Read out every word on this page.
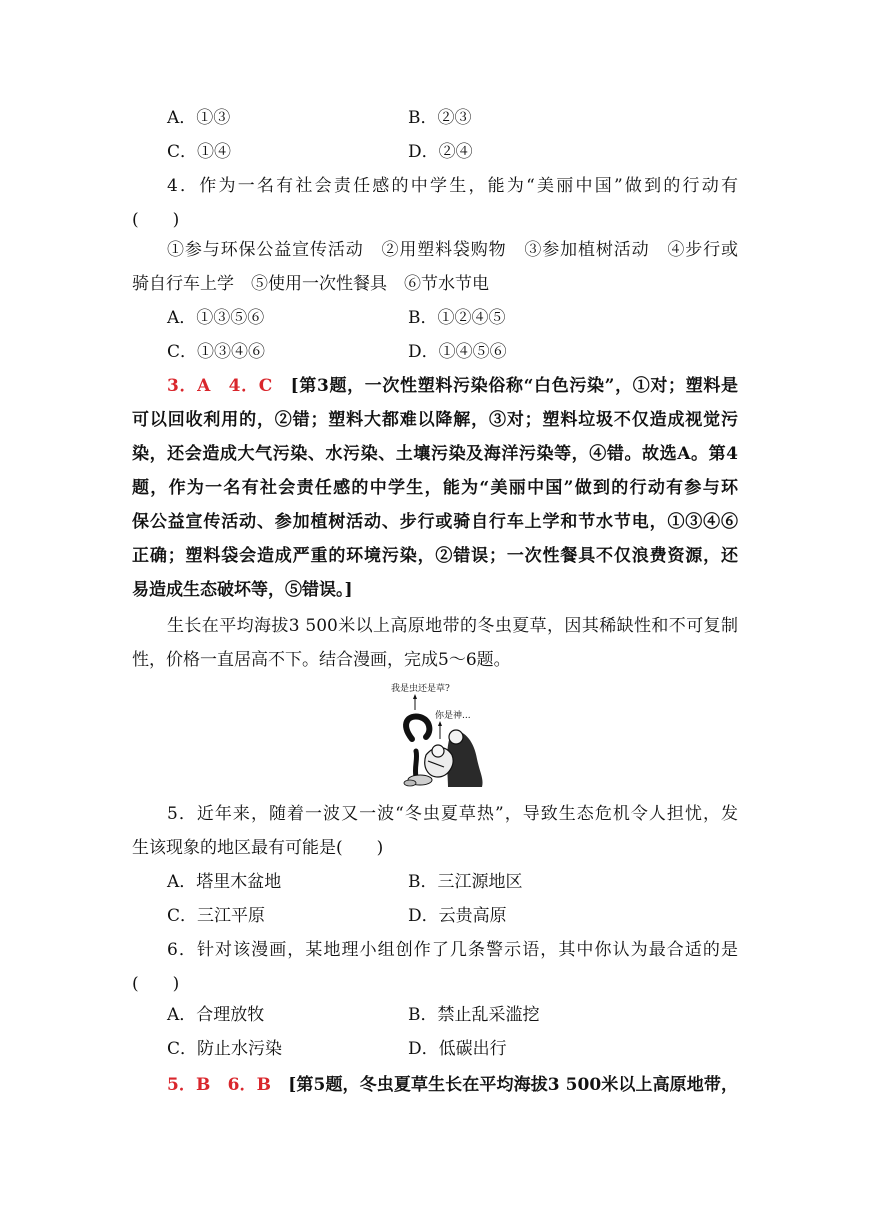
A．①③	B．②③
C．①④	D．②④
4．作为一名有社会责任感的中学生，能为“美丽中国”做到的行动有
(　　)
①参与环保公益宣传活动　②用塑料袋购物　③参加植树活动　④步行或
骑自行车上学　⑤使用一次性餐具　⑥节水节电
A．①③⑤⑥	B．①②④⑤
C．①③④⑥	D．①④⑤⑥
3．A　4．C　 [第3题，一次性塑料污染俗称“白色污染”，①对；塑料是
可以回收利用的，②错；塑料大都难以降解，③对；塑料垃圾不仅造成视觉污
染，还会造成大气污染、水污染、土壤污染及海洋污染等，④错。故选A。第4
题，作为一名有社会责任感的中学生，能为“美丽中国”做到的行动有参与环
保公益宣传活动、参加植树活动、步行或骑自行车上学和节水节电，①③④⑥
正确；塑料袋会造成严重的环境污染，②错误；一次性餐具不仅浪费资源，还
易造成生态破坏等，⑤错误。]
生长在平均海拔3 500米以上高原地带的冬虫夏草，因其稀缺性和不可复制
性，价格一直居高不下。结合漫画，完成5～6题。
我是虫还是草?
你是神...
5．近年来，随着一波又一波“冬虫夏草热”，导致生态危机令人担忧，发
生该现象的地区最有可能是(　　)
A．塔里木盆地	B．三江源地区
C．三江平原	D．云贵高原
6．针对该漫画，某地理小组创作了几条警示语，其中你认为最合适的是
(　　)
A．合理放牧	B．禁止乱采滥挖
C．防止水污染	D．低碳出行
5．B　6．B　 [第5题，冬虫夏草生长在平均海拔3 500米以上高原地带，
